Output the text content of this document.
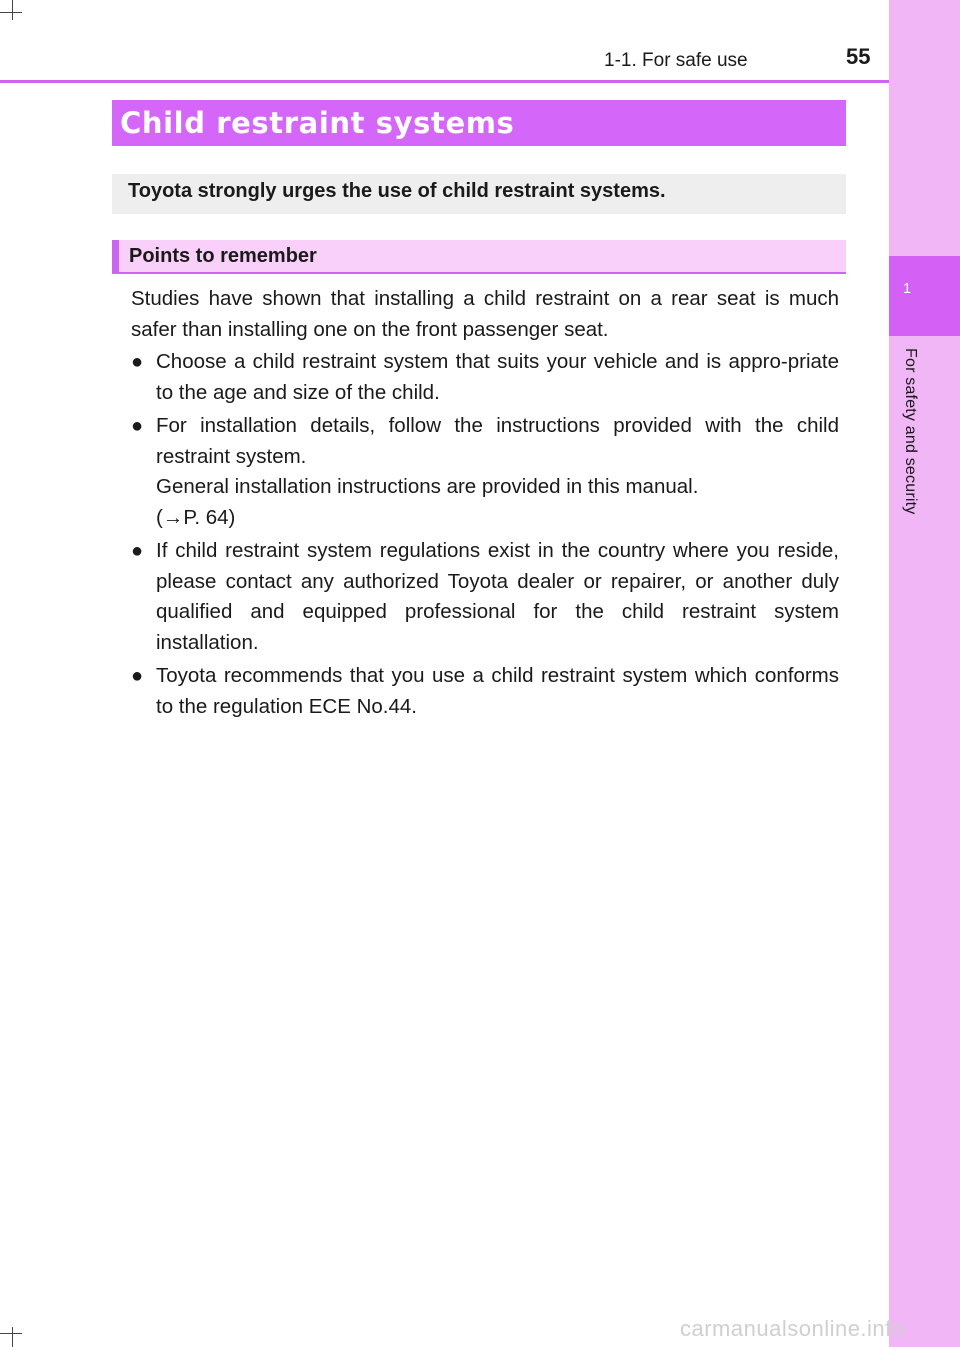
1
For safety and security
1-1. For safe use	55
Child restraint systems
Toyota strongly urges the use of child restraint systems.
Points to remember

Studies have shown that installing a child restraint on a rear seat is much safer than installing one on the front passenger seat.

● Choose a child restraint system that suits your vehicle and is appro-priate to the age and size of the child.
● For installation details, follow the instructions provided with the child restraint system.
General installation instructions are provided in this manual.
(→P. 64)
● If child restraint system regulations exist in the country where you reside, please contact any authorized Toyota dealer or repairer, or another duly qualified and equipped professional for the child restraint system installation.
● Toyota recommends that you use a child restraint system which conforms to the regulation ECE No.44.
carmanualsonline.info
